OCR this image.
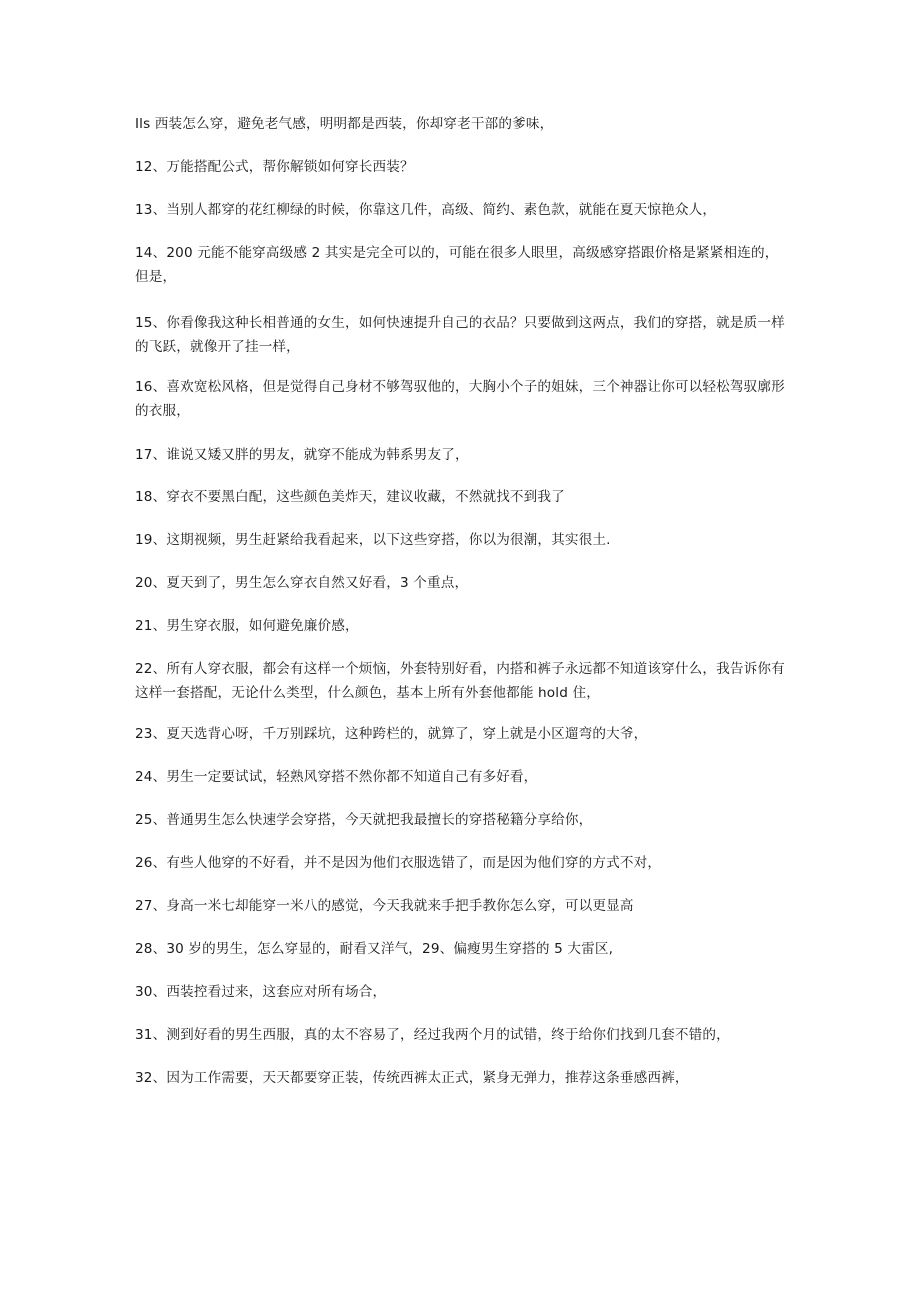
Ils 西装怎么穿，避免老气感，明明都是西装，你却穿老干部的爹味，

12、万能搭配公式，帮你解锁如何穿长西装？

13、当别人都穿的花红柳绿的时候，你靠这几件，高级、简约、素色款，就能在夏天惊艳众人，

14、200 元能不能穿高级感 2 其实是完全可以的，可能在很多人眼里，高级感穿搭跟价格是紧紧相连的，但是，

15、你看像我这种长相普通的女生，如何快速提升自己的衣品？只要做到这两点，我们的穿搭，就是质一样的飞跃，就像开了挂一样，

16、喜欢宽松风格，但是觉得自己身材不够驾驭他的，大胸小个子的姐妹，三个神器让你可以轻松驾驭廓形的衣服，

17、谁说又矮又胖的男友，就穿不能成为韩系男友了，

18、穿衣不要黑白配，这些颜色美炸天，建议收藏，不然就找不到我了

19、这期视频，男生赶紧给我看起来，以下这些穿搭，你以为很潮，其实很土.

20、夏天到了，男生怎么穿衣自然又好看，3 个重点，

21、男生穿衣服，如何避免廉价感，

22、所有人穿衣服，都会有这样一个烦恼，外套特别好看，内搭和裤子永远都不知道该穿什么，我告诉你有这样一套搭配，无论什么类型，什么颜色，基本上所有外套他都能 hold 住，

23、夏天选背心呀，千万别踩坑，这种跨栏的，就算了，穿上就是小区遛弯的大爷，

24、男生一定要试试，轻熟风穿搭不然你都不知道自己有多好看，

25、普通男生怎么快速学会穿搭，今天就把我最擅长的穿搭秘籍分享给你，

26、有些人他穿的不好看，并不是因为他们衣服选错了，而是因为他们穿的方式不对，

27、身高一米七却能穿一米八的感觉，今天我就来手把手教你怎么穿，可以更显高

28、30 岁的男生，怎么穿显的，耐看又洋气，29、偏瘦男生穿搭的 5 大雷区,

30、西装控看过来，这套应对所有场合，

31、测到好看的男生西服，真的太不容易了，经过我两个月的试错，终于给你们找到几套不错的，

32、因为工作需要，天天都要穿正装，传统西裤太正式，紧身无弹力，推荐这条垂感西裤，
